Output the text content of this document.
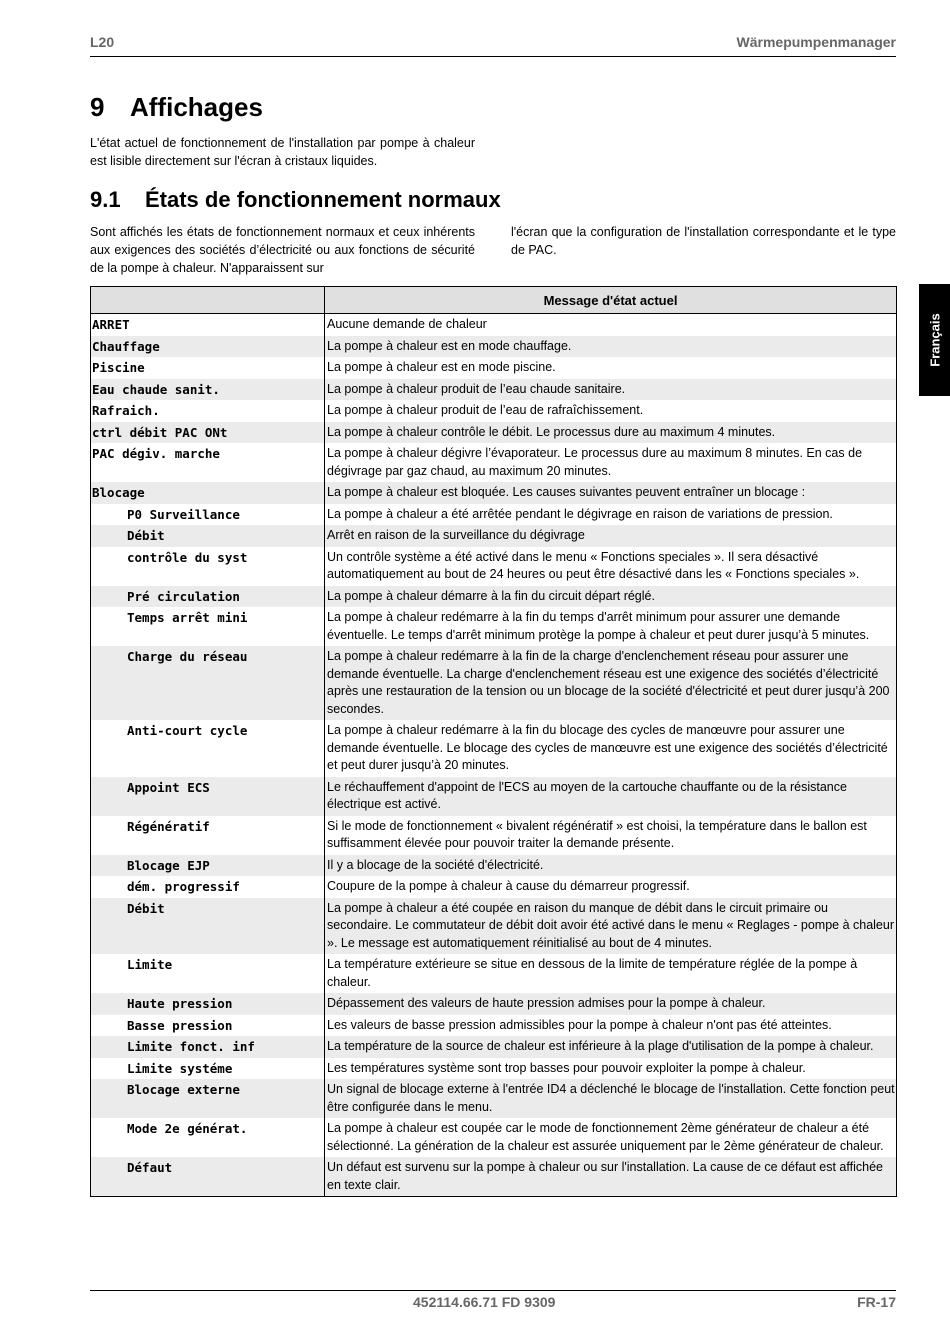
L20	Wärmepumpenmanager
9 Affichages

L'état actuel de fonctionnement de l'installation par pompe à chaleur est lisible directement sur l'écran à cristaux liquides.

9.1 États de fonctionnement normaux

Sont affichés les états de fonctionnement normaux et ceux inhérents aux exigences des sociétés d’électricité ou aux fonctions de sécurité de la pompe à chaleur. N'apparaissent sur

l'écran que la configuration de l'installation correspondante et le type de PAC.

Français
	Message d'état actuel
ARRET	Aucune demande de chaleur
Chauffage	La pompe à chaleur est en mode chauffage.
Piscine	La pompe à chaleur est en mode piscine.
Eau chaude sanit.	La pompe à chaleur produit de l’eau chaude sanitaire.
Rafraich.	La pompe à chaleur produit de l’eau de rafraîchissement.
ctrl débit PAC ONt	La pompe à chaleur contrôle le débit. Le processus dure au maximum 4 minutes.
PAC dégiv. marche	La pompe à chaleur dégivre l’évaporateur. Le processus dure au maximum 8 minutes. En cas de dégivrage par gaz chaud, au maximum 20 minutes.
Blocage	La pompe à chaleur est bloquée. Les causes suivantes peuvent entraîner un blocage :
P0 Surveillance	La pompe à chaleur a été arrêtée pendant le dégivrage en raison de variations de pression.
Débit	Arrêt en raison de la surveillance du dégivrage
contrôle du syst	Un contrôle système a été activé dans le menu « Fonctions speciales ». Il sera désactivé automatiquement au bout de 24 heures ou peut être désactivé dans les « Fonctions speciales ».
Pré circulation	La pompe à chaleur démarre à la fin du circuit départ réglé.
Temps arrêt mini	La pompe à chaleur redémarre à la fin du temps d'arrêt minimum pour assurer une demande éventuelle. Le temps d'arrêt minimum protège la pompe à chaleur et peut durer jusqu’à 5 minutes.
Charge du réseau	La pompe à chaleur redémarre à la fin de la charge d'enclenchement réseau pour assurer une demande éventuelle. La charge d'enclenchement réseau est une exigence des sociétés d’électricité après une restauration de la tension ou un blocage de la société d'électricité et peut durer jusqu’à 200 secondes.
Anti-court cycle	La pompe à chaleur redémarre à la fin du blocage des cycles de manœuvre pour assurer une demande éventuelle. Le blocage des cycles de manœuvre est une exigence des sociétés d’électricité et peut durer jusqu’à 20 minutes.
Appoint ECS	Le réchauffement d'appoint de l'ECS au moyen de la cartouche chauffante ou de la résistance électrique est activé.
Régénératif	Si le mode de fonctionnement « bivalent régénératif » est choisi, la température dans le ballon est suffisamment élevée pour pouvoir traiter la demande présente.
Blocage EJP	Il y a blocage de la société d'électricité.
dém. progressif	Coupure de la pompe à chaleur à cause du démarreur progressif.
Débit	La pompe à chaleur a été coupée en raison du manque de débit dans le circuit primaire ou secondaire. Le commutateur de débit doit avoir été activé dans le menu « Reglages - pompe à chaleur ». Le message est automatiquement réinitialisé au bout de 4 minutes.
Limite	La température extérieure se situe en dessous de la limite de température réglée de la pompe à chaleur.
Haute pression	Dépassement des valeurs de haute pression admises pour la pompe à chaleur.
Basse pression	Les valeurs de basse pression admissibles pour la pompe à chaleur n'ont pas été atteintes.
Limite fonct. inf	La température de la source de chaleur est inférieure à la plage d'utilisation de la pompe à chaleur.
Limite systéme	Les températures système sont trop basses pour pouvoir exploiter la pompe à chaleur.
Blocage externe	Un signal de blocage externe à l'entrée ID4 a déclenché le blocage de l'installation. Cette fonction peut être configurée dans le menu.
Mode 2e générat.	La pompe à chaleur est coupée car le mode de fonctionnement 2ème générateur de chaleur a été sélectionné. La génération de la chaleur est assurée uniquement par le 2ème générateur de chaleur.
Défaut	Un défaut est survenu sur la pompe à chaleur ou sur l'installation. La cause de ce défaut est affichée en texte clair.
452114.66.71 FD 9309	FR-17
